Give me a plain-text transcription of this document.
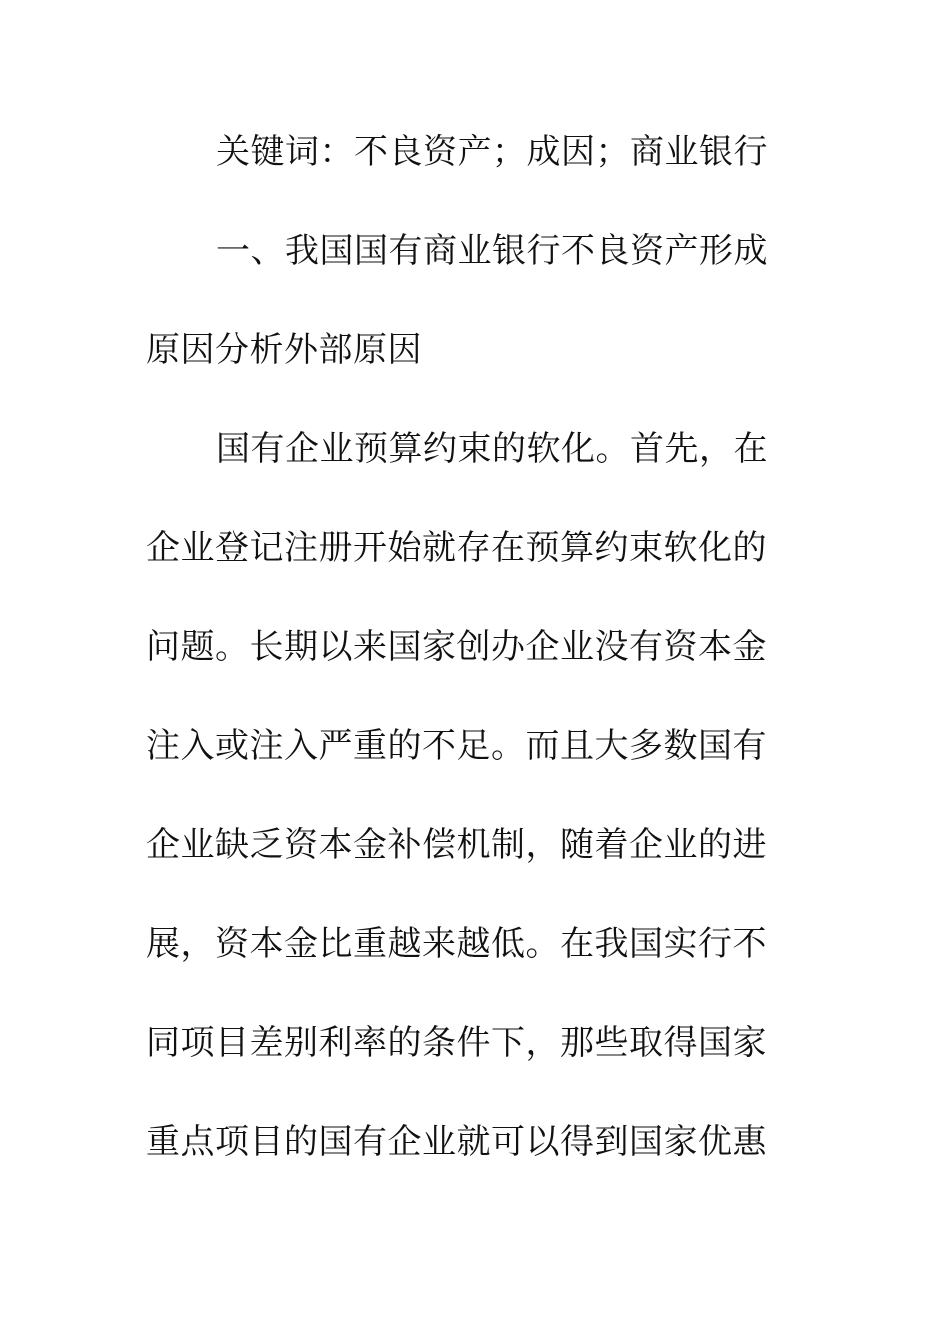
关键词：不良资产；成因；商业银行
一、我国国有商业银行不良资产形成
原因分析外部原因
国有企业预算约束的软化。首先，在
企业登记注册开始就存在预算约束软化的
问题。长期以来国家创办企业没有资本金
注入或注入严重的不足。而且大多数国有
企业缺乏资本金补偿机制，随着企业的进
展，资本金比重越来越低。在我国实行不
同项目差别利率的条件下，那些取得国家
重点项目的国有企业就可以得到国家优惠
